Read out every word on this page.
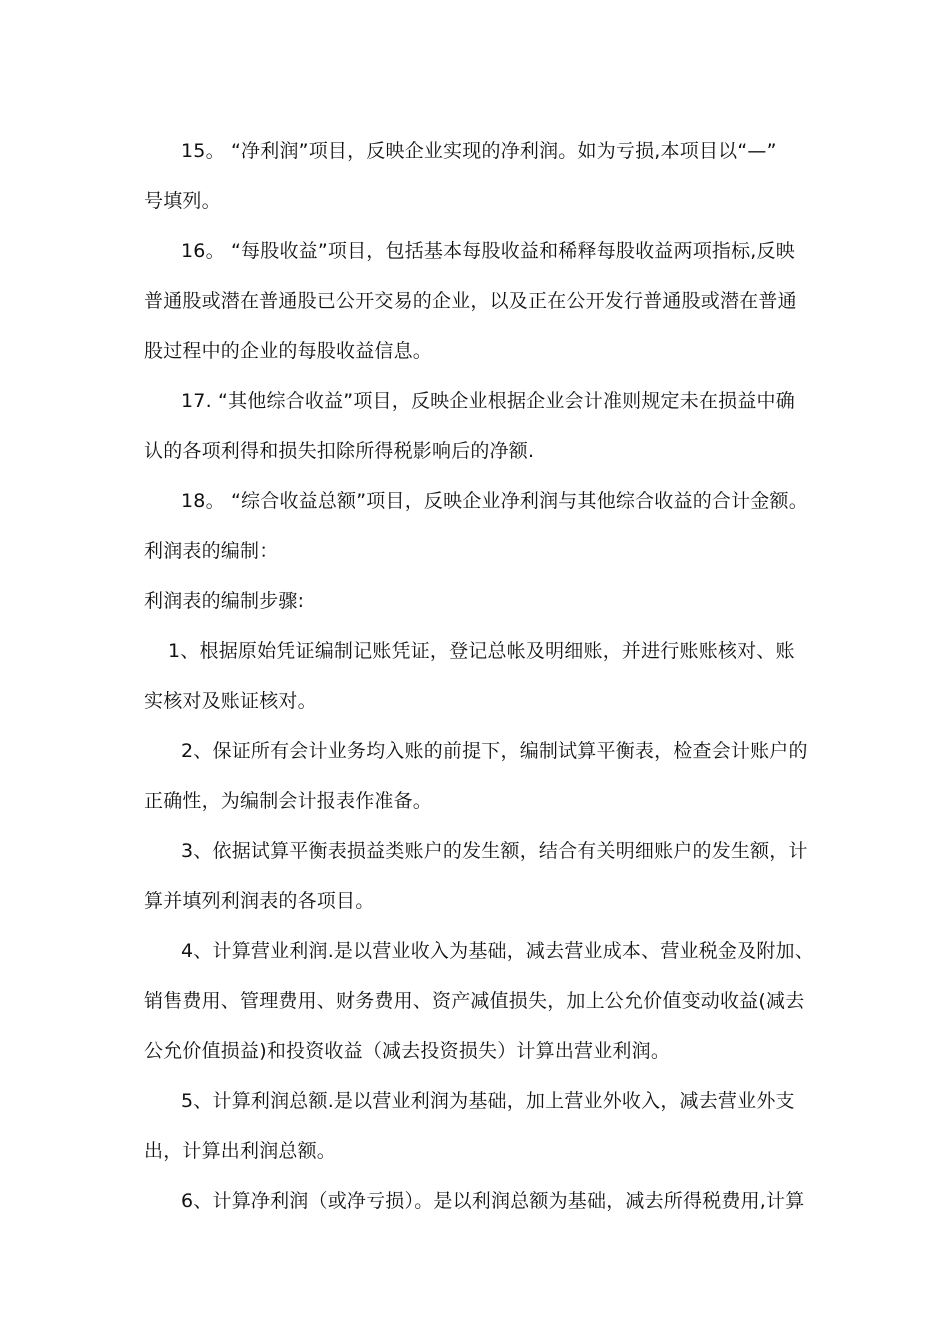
15。 “净利润”项目，反映企业实现的净利润。如为亏损,本项目以“—”
号填列。
16。 “每股收益”项目，包括基本每股收益和稀释每股收益两项指标,反映
普通股或潜在普通股已公开交易的企业，以及正在公开发行普通股或潜在普通
股过程中的企业的每股收益信息。
17. “其他综合收益”项目，反映企业根据企业会计准则规定未在损益中确
认的各项利得和损失扣除所得税影响后的净额.
18。 “综合收益总额”项目，反映企业净利润与其他综合收益的合计金额。
利润表的编制：
利润表的编制步骤:
1、根据原始凭证编制记账凭证，登记总帐及明细账，并进行账账核对、账
实核对及账证核对。
2、保证所有会计业务均入账的前提下，编制试算平衡表，检查会计账户的
正确性，为编制会计报表作准备。
3、依据试算平衡表损益类账户的发生额，结合有关明细账户的发生额，计
算并填列利润表的各项目。
4、计算营业利润.是以营业收入为基础，减去营业成本、营业税金及附加、
销售费用、管理费用、财务费用、资产减值损失，加上公允价值变动收益(减去
公允价值损益)和投资收益（减去投资损失）计算出营业利润。
5、计算利润总额.是以营业利润为基础，加上营业外收入，减去营业外支
出，计算出利润总额。
6、计算净利润（或净亏损）。是以利润总额为基础，减去所得税费用,计算
